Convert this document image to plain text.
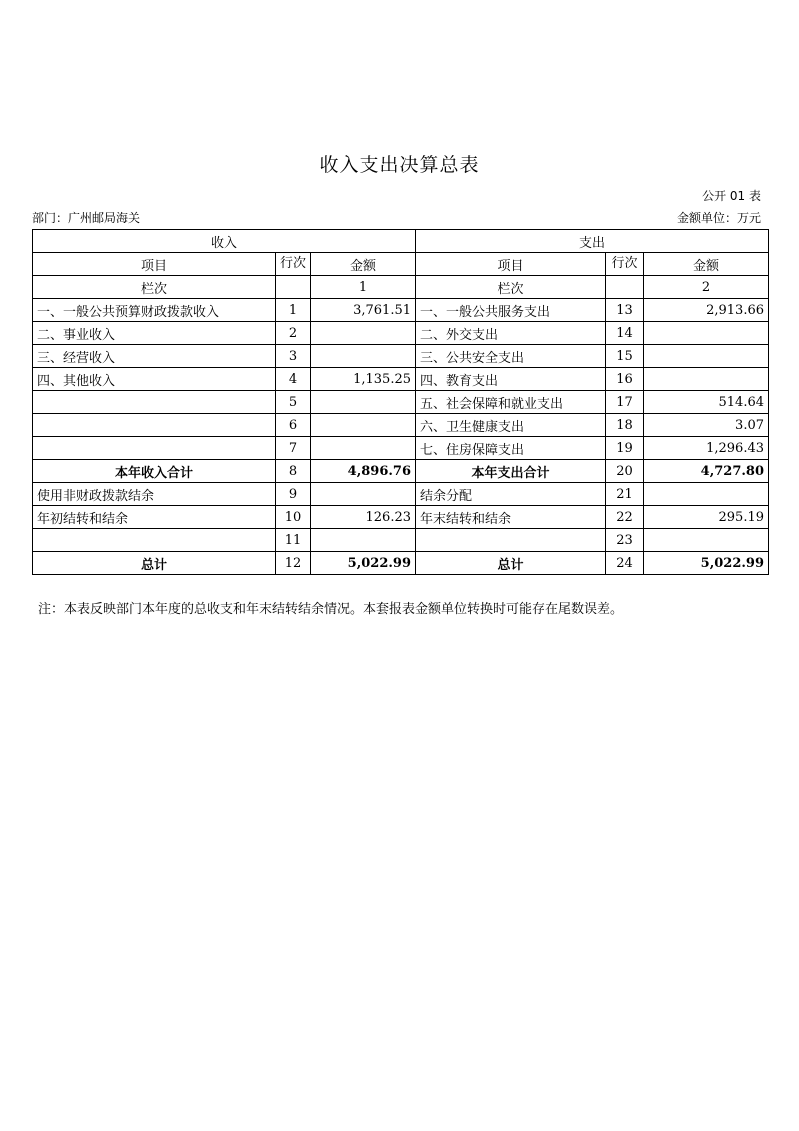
收入支出决算总表
公开 01 表
部门：广州邮局海关	金额单位：万元
收入			支出		
项目	行次	金额	项目	行次	金额
栏次		1	栏次		2
一、一般公共预算财政拨款收入	1	3,761.51	一、一般公共服务支出	13	2,913.66
二、事业收入	2		二、外交支出	14	
三、经营收入	3		三、公共安全支出	15	
四、其他收入	4	1,135.25	四、教育支出	16	
	5		五、社会保障和就业支出	17	514.64
	6		六、卫生健康支出	18	3.07
	7		七、住房保障支出	19	1,296.43
本年收入合计	8	4,896.76	本年支出合计	20	4,727.80
使用非财政拨款结余	9		结余分配	21	
年初结转和结余	10	126.23	年末结转和结余	22	295.19
	11			23	
总计	12	5,022.99	总计	24	5,022.99
注：本表反映部门本年度的总收支和年末结转结余情况。本套报表金额单位转换时可能存在尾数误差。
